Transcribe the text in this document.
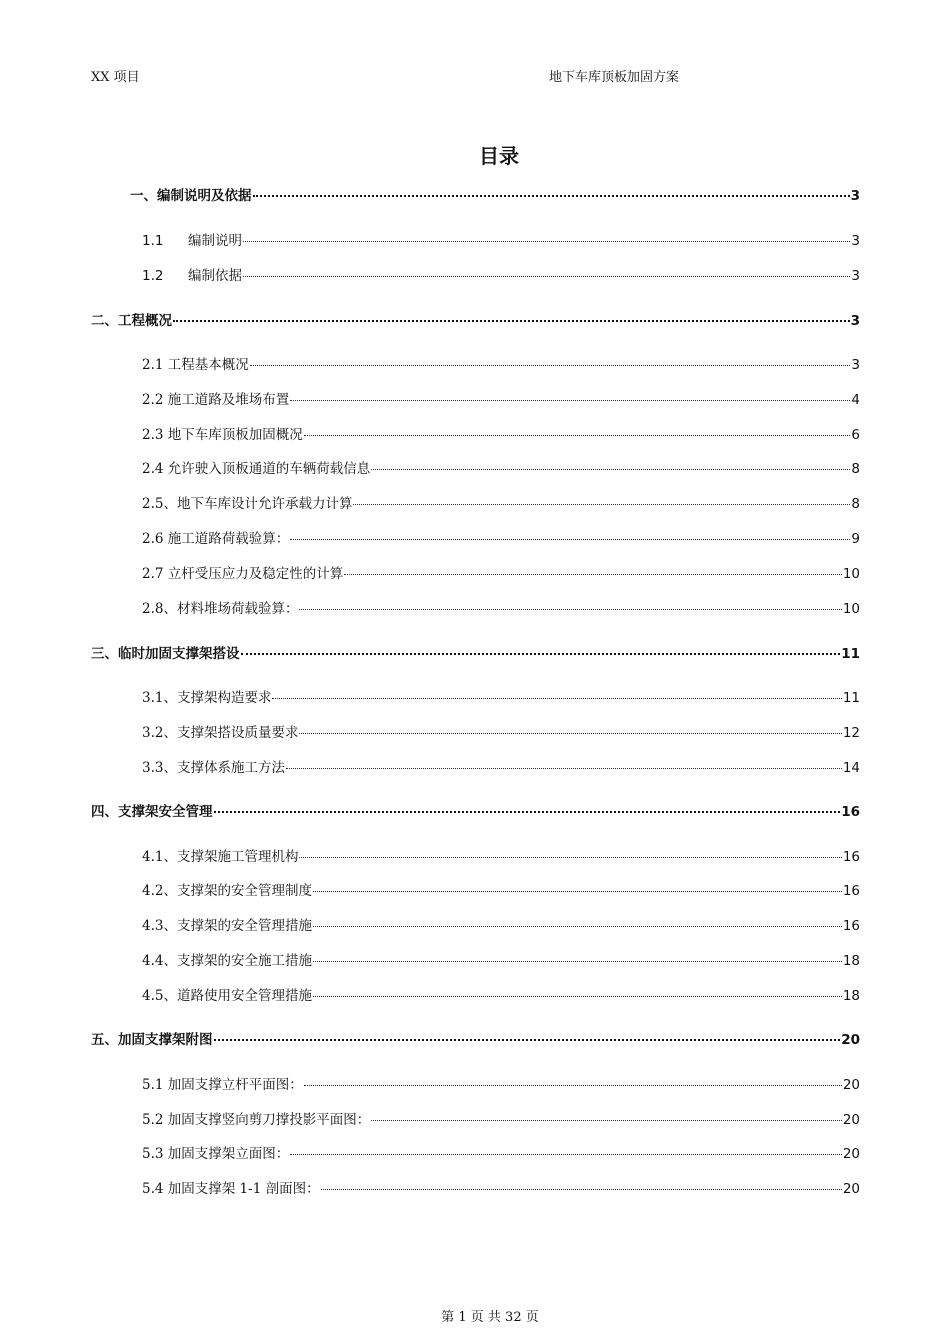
XX 项目	地下车库顶板加固方案
目录
一、编制说明及依据	3
1.1 编制说明	3
1.2 编制依据	3
二、工程概况	3
2.1 工程基本概况	3
2.2 施工道路及堆场布置	4
2.3 地下车库顶板加固概况	6
2.4 允许驶入顶板通道的车辆荷载信息	8
2.5、地下车库设计允许承载力计算	8
2.6 施工道路荷载验算：	9
2.7 立杆受压应力及稳定性的计算	10
2.8、材料堆场荷载验算：	10
三、临时加固支撑架搭设	11
3.1、支撑架构造要求	11
3.2、支撑架搭设质量要求	12
3.3、支撑体系施工方法	14
四、支撑架安全管理	16
4.1、支撑架施工管理机构	16
4.2、支撑架的安全管理制度	16
4.3、支撑架的安全管理措施	16
4.4、支撑架的安全施工措施	18
4.5、道路使用安全管理措施	18
五、加固支撑架附图	20
5.1 加固支撑立杆平面图：	20
5.2 加固支撑竖向剪刀撑投影平面图：	20
5.3 加固支撑架立面图：	20
5.4 加固支撑架 1-1 剖面图：	20
第 1 页 共 32 页
